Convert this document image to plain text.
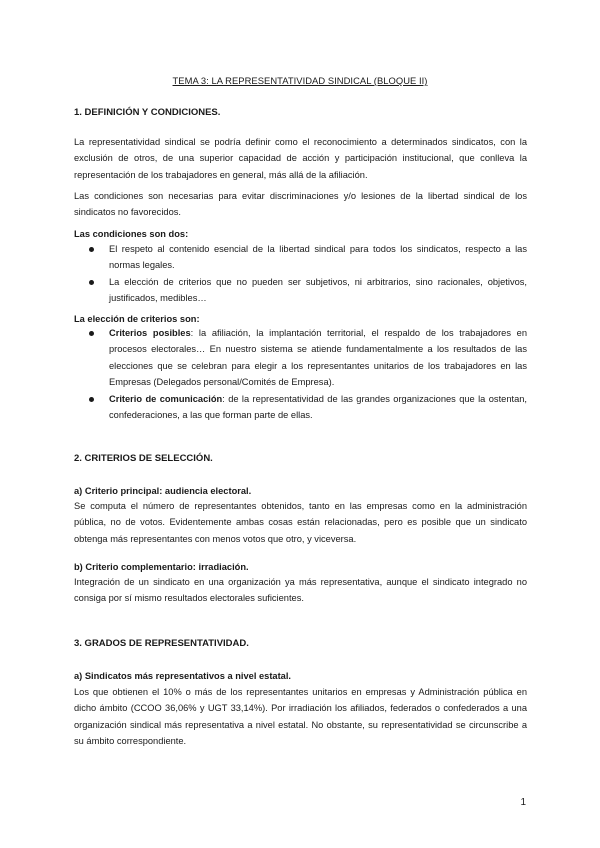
TEMA 3: LA REPRESENTATIVIDAD SINDICAL (BLOQUE II)
1. DEFINICIÓN Y CONDICIONES.
La representatividad sindical se podría definir como el reconocimiento a determinados sindicatos, con la exclusión de otros, de una superior capacidad de acción y participación institucional, que conlleva la representación de los trabajadores en general, más allá de la afiliación.
Las condiciones son necesarias para evitar discriminaciones y/o lesiones de la libertad sindical de los sindicatos no favorecidos.
Las condiciones son dos:
El respeto al contenido esencial de la libertad sindical para todos los sindicatos, respecto a las normas legales.
La elección de criterios que no pueden ser subjetivos, ni arbitrarios, sino racionales, objetivos, justificados, medibles…
La elección de criterios son:
Criterios posibles: la afiliación, la implantación territorial, el respaldo de los trabajadores en procesos electorales… En nuestro sistema se atiende fundamentalmente a los resultados de las elecciones que se celebran para elegir a los representantes unitarios de los trabajadores en las Empresas (Delegados personal/Comités de Empresa).
Criterio de comunicación: de la representatividad de las grandes organizaciones que la ostentan, confederaciones, a las que forman parte de ellas.
2. CRITERIOS DE SELECCIÓN.
a) Criterio principal: audiencia electoral.
Se computa el número de representantes obtenidos, tanto en las empresas como en la administración pública, no de votos. Evidentemente ambas cosas están relacionadas, pero es posible que un sindicato obtenga más representantes con menos votos que otro, y viceversa.
b) Criterio complementario: irradiación.
Integración de un sindicato en una organización ya más representativa, aunque el sindicato integrado no consiga por sí mismo resultados electorales suficientes.
3. GRADOS DE REPRESENTATIVIDAD.
a) Sindicatos más representativos a nivel estatal.
Los que obtienen el 10% o más de los representantes unitarios en empresas y Administración pública en dicho ámbito (CCOO 36,06% y UGT 33,14%). Por irradiación los afiliados, federados o confederados a una organización sindical más representativa a nivel estatal. No obstante, su representatividad se circunscribe a su ámbito correspondiente.
1
